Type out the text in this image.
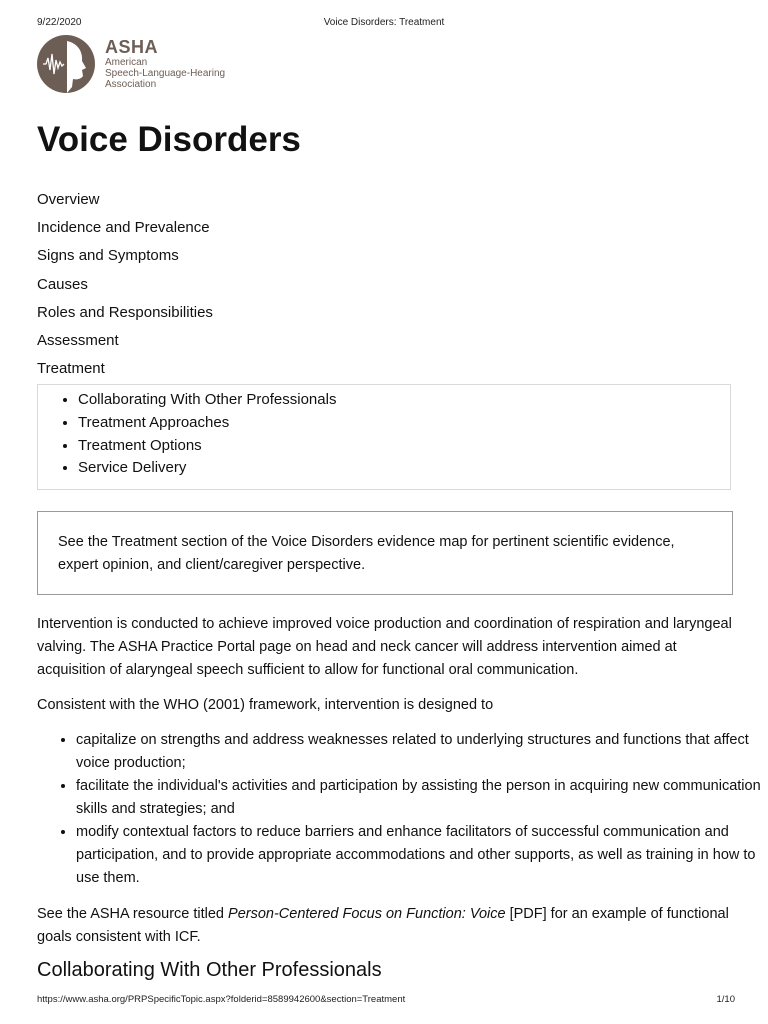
9/22/2020	Voice Disorders: Treatment
ASHA
American
Speech-Language-Hearing
Association
Voice Disorders
Overview
Incidence and Prevalence
Signs and Symptoms
Causes
Roles and Responsibilities
Assessment
Treatment
• Collaborating With Other Professionals
• Treatment Approaches
• Treatment Options
• Service Delivery
See the Treatment section of the Voice Disorders evidence map for pertinent scientific evidence, expert opinion, and client/caregiver perspective.

Intervention is conducted to achieve improved voice production and coordination of respiration and laryngeal valving. The ASHA Practice Portal page on head and neck cancer will address intervention aimed at acquisition of alaryngeal speech sufficient to allow for functional oral communication.

Consistent with the WHO (2001) framework, intervention is designed to

• capitalize on strengths and address weaknesses related to underlying structures and functions that affect voice production;
• facilitate the individual's activities and participation by assisting the person in acquiring new communication skills and strategies; and
• modify contextual factors to reduce barriers and enhance facilitators of successful communication and participation, and to provide appropriate accommodations and other supports, as well as training in how to use them.

See the ASHA resource titled Person-Centered Focus on Function: Voice [PDF] for an example of functional goals consistent with ICF.

Collaborating With Other Professionals
https://www.asha.org/PRPSpecificTopic.aspx?folderid=8589942600&section=Treatment	1/10
